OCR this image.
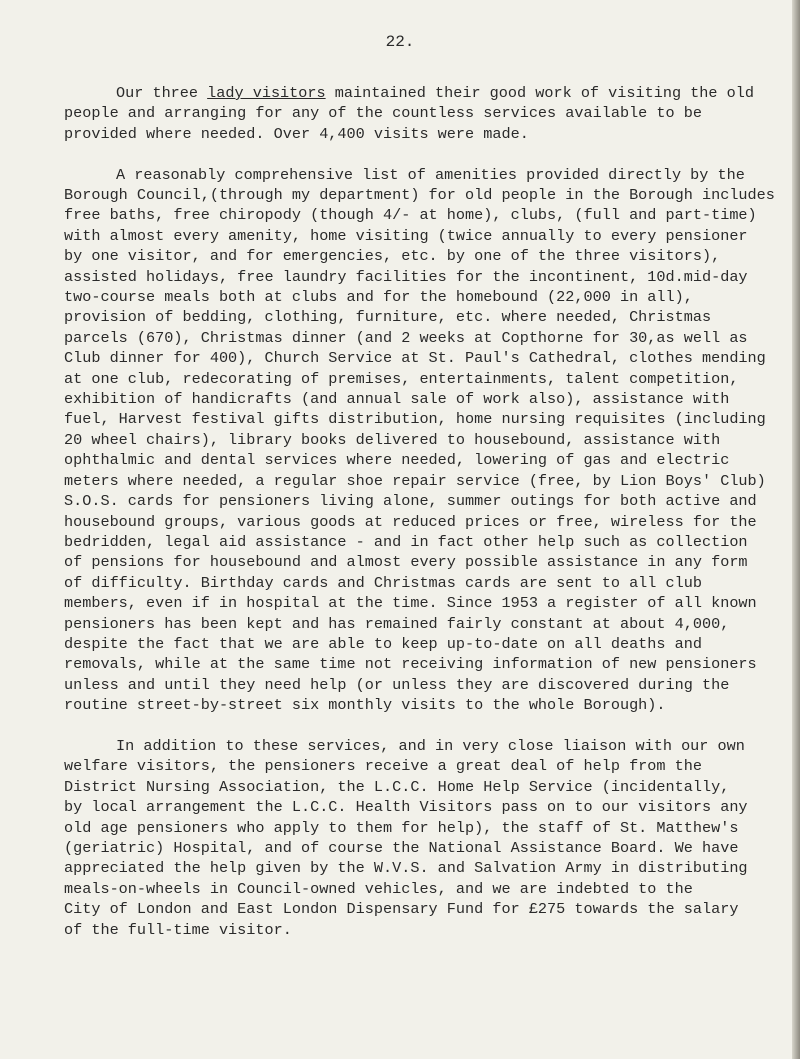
22.
Our three lady visitors maintained their good work of visiting the old
people and arranging for any of the countless services available to be
provided where needed. Over 4,400 visits were made.
A reasonably comprehensive list of amenities provided directly by the
Borough Council,(through my department) for old people in the Borough includes
free baths, free chiropody (though 4/- at home), clubs, (full and part-time)
with almost every amenity, home visiting (twice annually to every pensioner
by one visitor, and for emergencies, etc. by one of the three visitors),
assisted holidays, free laundry facilities for the incontinent, 10d.mid-day
two-course meals both at clubs and for the homebound (22,000 in all),
provision of bedding, clothing, furniture, etc. where needed, Christmas
parcels (670), Christmas dinner (and 2 weeks at Copthorne for 30,as well as
Club dinner for 400), Church Service at St. Paul's Cathedral, clothes mending
at one club, redecorating of premises, entertainments, talent competition,
exhibition of handicrafts (and annual sale of work also), assistance with
fuel, Harvest festival gifts distribution, home nursing requisites (including
20 wheel chairs), library books delivered to housebound, assistance with
ophthalmic and dental services where needed, lowering of gas and electric
meters where needed, a regular shoe repair service (free, by Lion Boys' Club)
S.O.S. cards for pensioners living alone, summer outings for both active and
housebound groups, various goods at reduced prices or free, wireless for the
bedridden, legal aid assistance - and in fact other help such as collection
of pensions for housebound and almost every possible assistance in any form
of difficulty. Birthday cards and Christmas cards are sent to all club
members, even if in hospital at the time. Since 1953 a register of all known
pensioners has been kept and has remained fairly constant at about 4,000,
despite the fact that we are able to keep up-to-date on all deaths and
removals, while at the same time not receiving information of new pensioners
unless and until they need help (or unless they are discovered during the
routine street-by-street six monthly visits to the whole Borough).
In addition to these services, and in very close liaison with our own
welfare visitors, the pensioners receive a great deal of help from the
District Nursing Association, the L.C.C. Home Help Service (incidentally,
by local arrangement the L.C.C. Health Visitors pass on to our visitors any
old age pensioners who apply to them for help), the staff of St. Matthew's
(geriatric) Hospital, and of course the National Assistance Board. We have
appreciated the help given by the W.V.S. and Salvation Army in distributing
meals-on-wheels in Council-owned vehicles, and we are indebted to the
City of London and East London Dispensary Fund for £275 towards the salary
of the full-time visitor.
